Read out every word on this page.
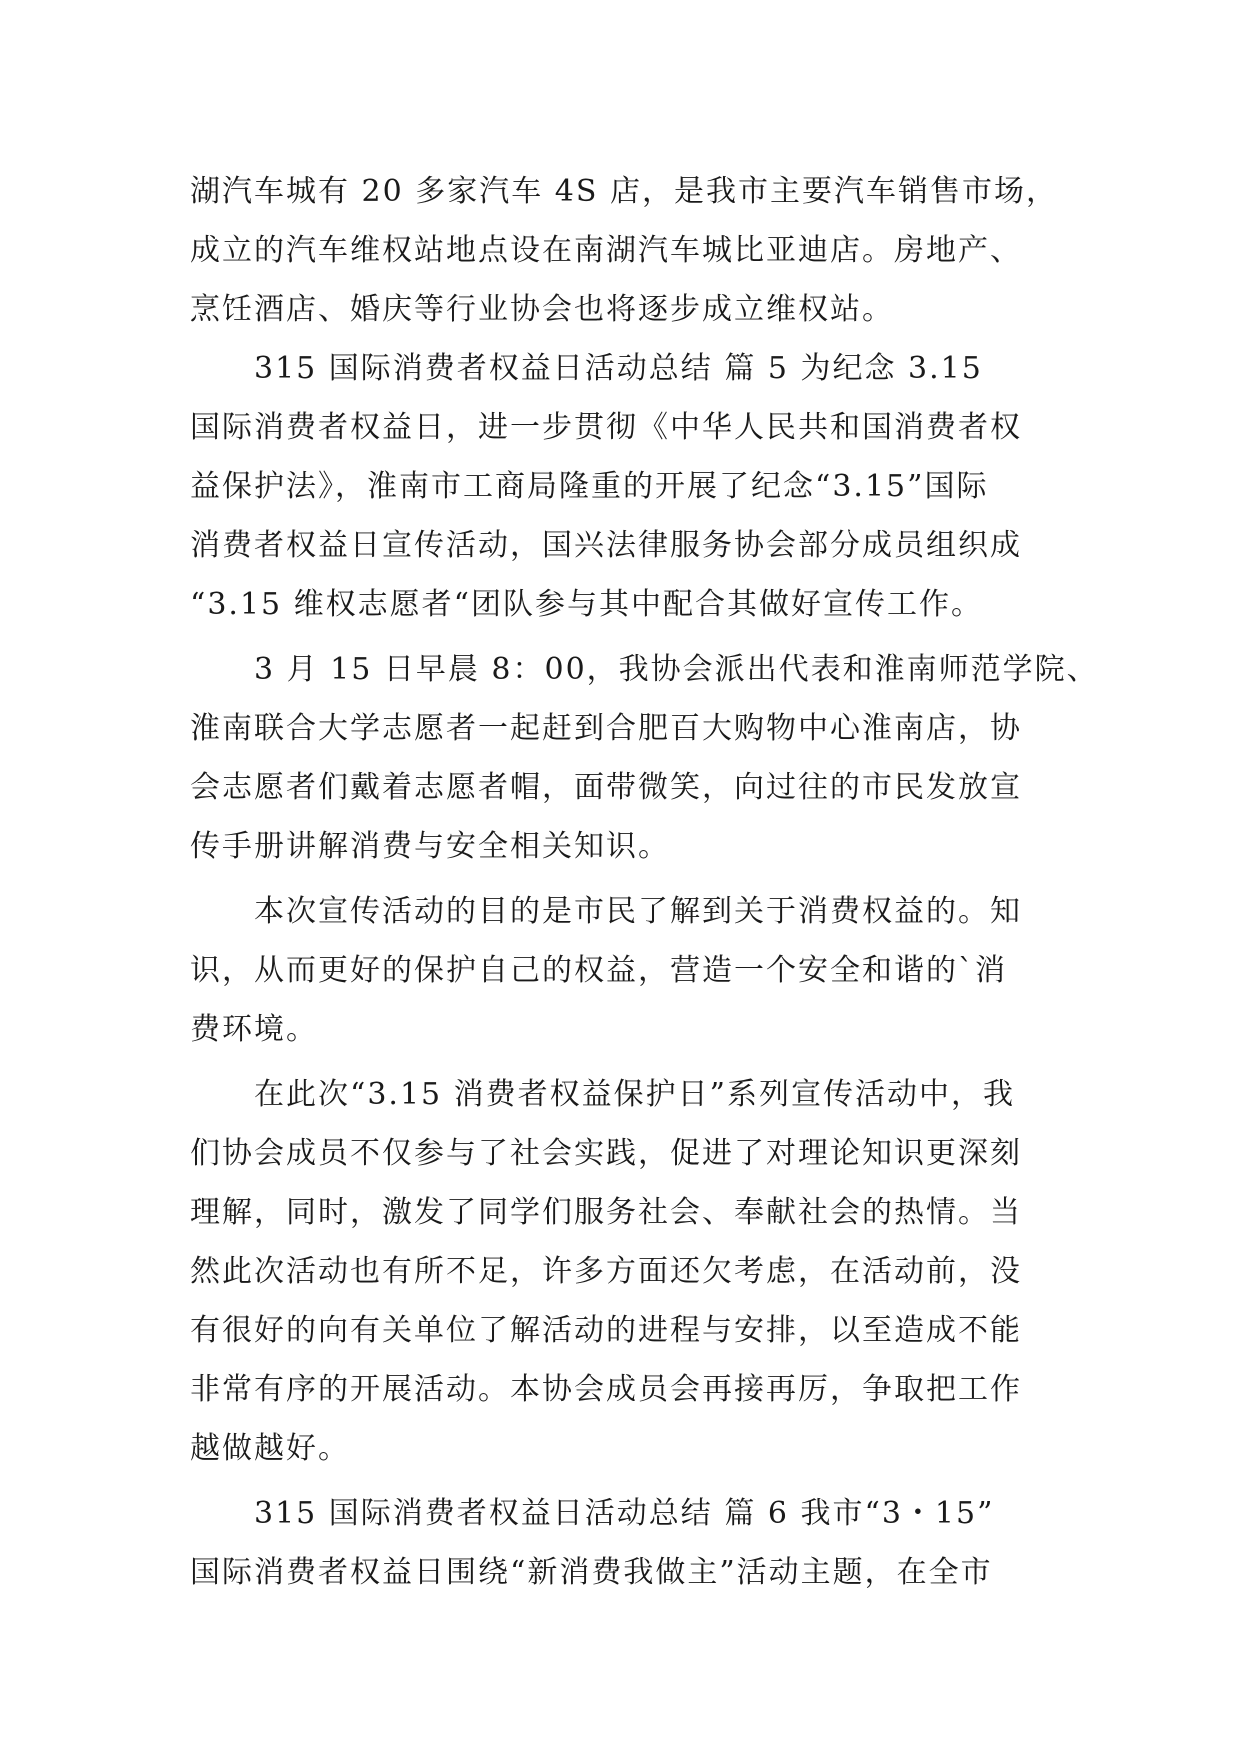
湖汽车城有 20 多家汽车 4S 店，是我市主要汽车销售市场，
成立的汽车维权站地点设在南湖汽车城比亚迪店。房地产、
烹饪酒店、婚庆等行业协会也将逐步成立维权站。
315 国际消费者权益日活动总结 篇 5 为纪念 3.15
国际消费者权益日，进一步贯彻《中华人民共和国消费者权
益保护法》，淮南市工商局隆重的开展了纪念“3.15”国际
消费者权益日宣传活动，国兴法律服务协会部分成员组织成
“3.15 维权志愿者“团队参与其中配合其做好宣传工作。
3 月 15 日早晨 8：00，我协会派出代表和淮南师范学院、
淮南联合大学志愿者一起赶到合肥百大购物中心淮南店，协
会志愿者们戴着志愿者帽，面带微笑，向过往的市民发放宣
传手册讲解消费与安全相关知识。
本次宣传活动的目的是市民了解到关于消费权益的。知
识，从而更好的保护自己的权益，营造一个安全和谐的`消
费环境。
在此次“3.15 消费者权益保护日”系列宣传活动中，我
们协会成员不仅参与了社会实践，促进了对理论知识更深刻
理解，同时，激发了同学们服务社会、奉献社会的热情。当
然此次活动也有所不足，许多方面还欠考虑，在活动前，没
有很好的向有关单位了解活动的进程与安排，以至造成不能
非常有序的开展活动。本协会成员会再接再厉，争取把工作
越做越好。
315 国际消费者权益日活动总结 篇 6 我市“3・15”
国际消费者权益日围绕“新消费我做主”活动主题，在全市
